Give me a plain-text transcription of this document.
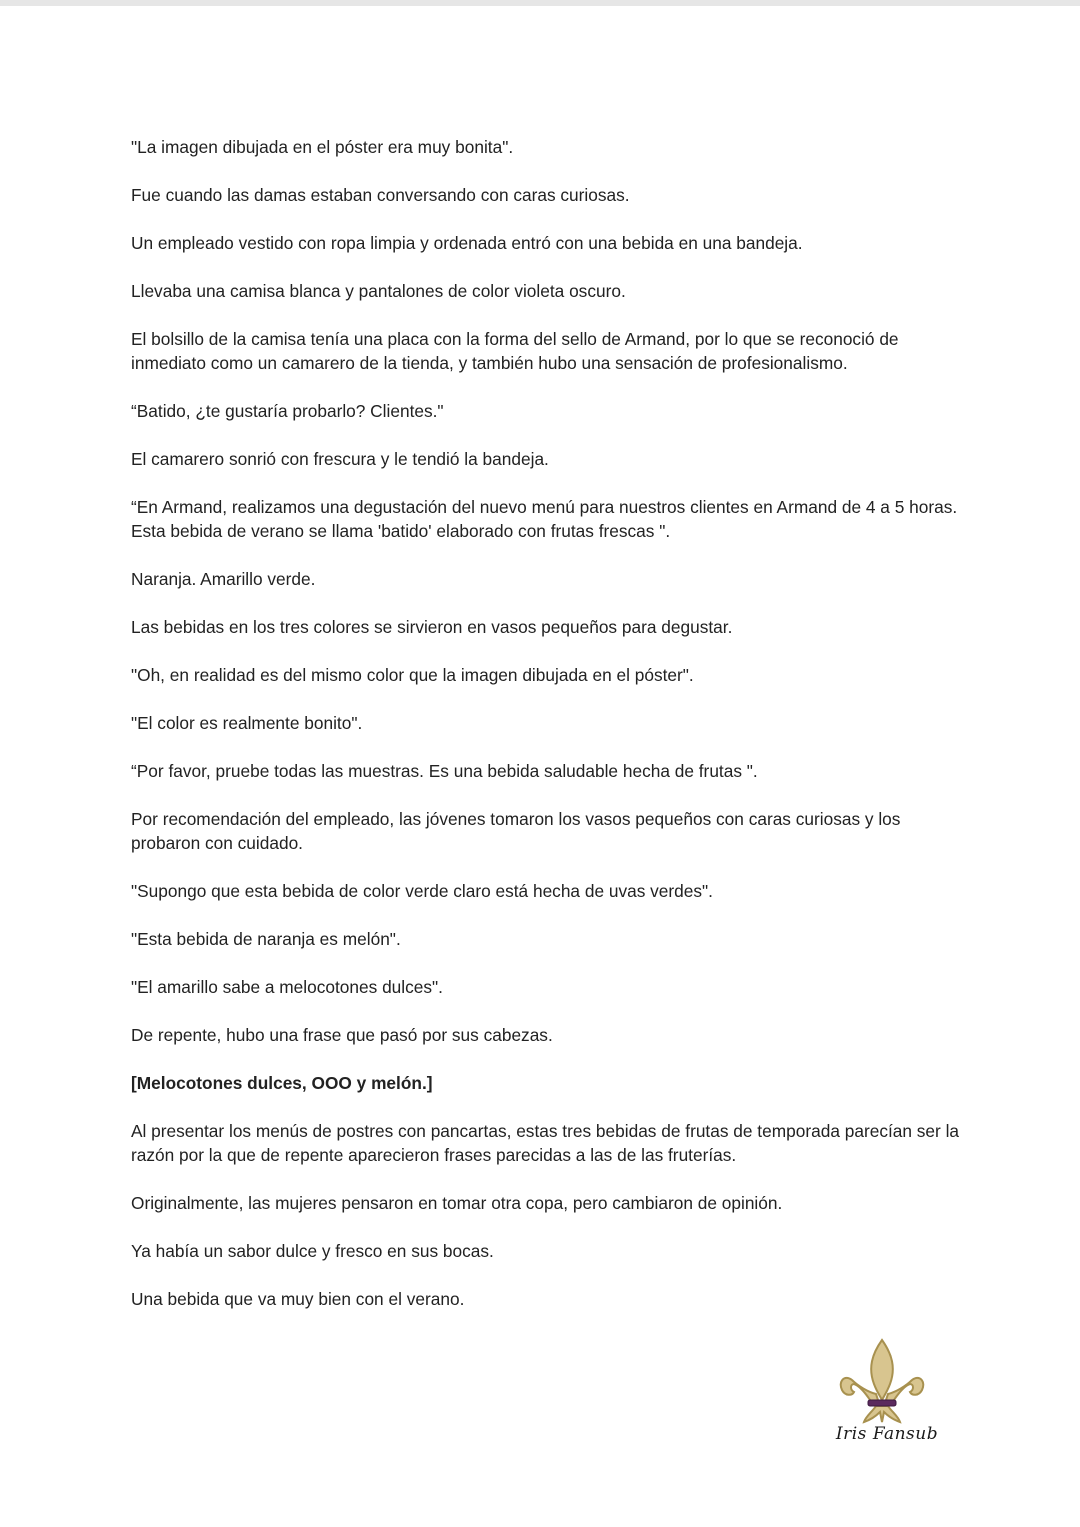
"La imagen dibujada en el póster era muy bonita".

Fue cuando las damas estaban conversando con caras curiosas.

Un empleado vestido con ropa limpia y ordenada entró con una bebida en una bandeja.

Llevaba una camisa blanca y pantalones de color violeta oscuro.

El bolsillo de la camisa tenía una placa con la forma del sello de Armand, por lo que se reconoció de inmediato como un camarero de la tienda, y también hubo una sensación de profesionalismo.

“Batido, ¿te gustaría probarlo? Clientes."

El camarero sonrió con frescura y le tendió la bandeja.

“En Armand, realizamos una degustación del nuevo menú para nuestros clientes en Armand de 4 a 5 horas. Esta bebida de verano se llama 'batido' elaborado con frutas frescas ".

Naranja. Amarillo verde.

Las bebidas en los tres colores se sirvieron en vasos pequeños para degustar.

"Oh, en realidad es del mismo color que la imagen dibujada en el póster".

"El color es realmente bonito".

“Por favor, pruebe todas las muestras. Es una bebida saludable hecha de frutas ".

Por recomendación del empleado, las jóvenes tomaron los vasos pequeños con caras curiosas y los probaron con cuidado.

"Supongo que esta bebida de color verde claro está hecha de uvas verdes".

"Esta bebida de naranja es melón".

"El amarillo sabe a melocotones dulces".

De repente, hubo una frase que pasó por sus cabezas.

[Melocotones dulces, OOO y melón.]

Al presentar los menús de postres con pancartas, estas tres bebidas de frutas de temporada parecían ser la razón por la que de repente aparecieron frases parecidas a las de las fruterías.

Originalmente, las mujeres pensaron en tomar otra copa, pero cambiaron de opinión.

Ya había un sabor dulce y fresco en sus bocas.

Una bebida que va muy bien con el verano.

Iris Fansub
